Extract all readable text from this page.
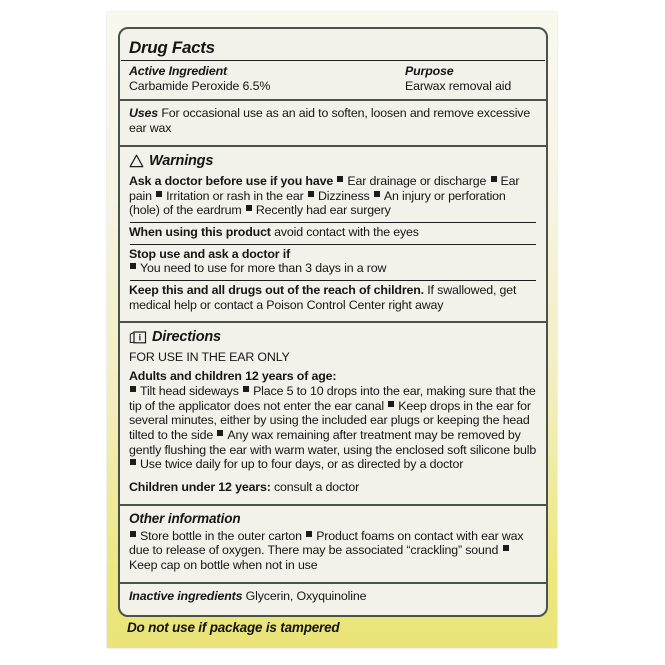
Drug Facts
Active Ingredient
Carbamide Peroxide 6.5%
Purpose
Earwax removal aid

Uses For occasional use as an aid to soften, loosen and remove excessive ear wax

Warnings

Ask a doctor before use if you have Ear drainage or discharge Ear pain Irritation or rash in the ear Dizziness An injury or perforation (hole) of the eardrum Recently had ear surgery

When using this product avoid contact with the eyes

Stop use and ask a doctor if
You need to use for more than 3 days in a row

Keep this and all drugs out of the reach of children. If swallowed, get medical help or contact a Poison Control Center right away

i Directions

FOR USE IN THE EAR ONLY

Adults and children 12 years of age:
Tilt head sideways Place 5 to 10 drops into the ear, making sure that the tip of the applicator does not enter the ear canal Keep drops in the ear for several minutes, either by using the included ear plugs or keeping the head tilted to the side Any wax remaining after treatment may be removed by gently flushing the ear with warm water, using the enclosed soft silicone bulb Use twice daily for up to four days, or as directed by a doctor

Children under 12 years: consult a doctor

Other information

Store bottle in the outer carton Product foams on contact with ear wax due to release of oxygen. There may be associated “crackling” sound Keep cap on bottle when not in use

Inactive ingredients Glycerin, Oxyquinoline

Do not use if package is tampered
